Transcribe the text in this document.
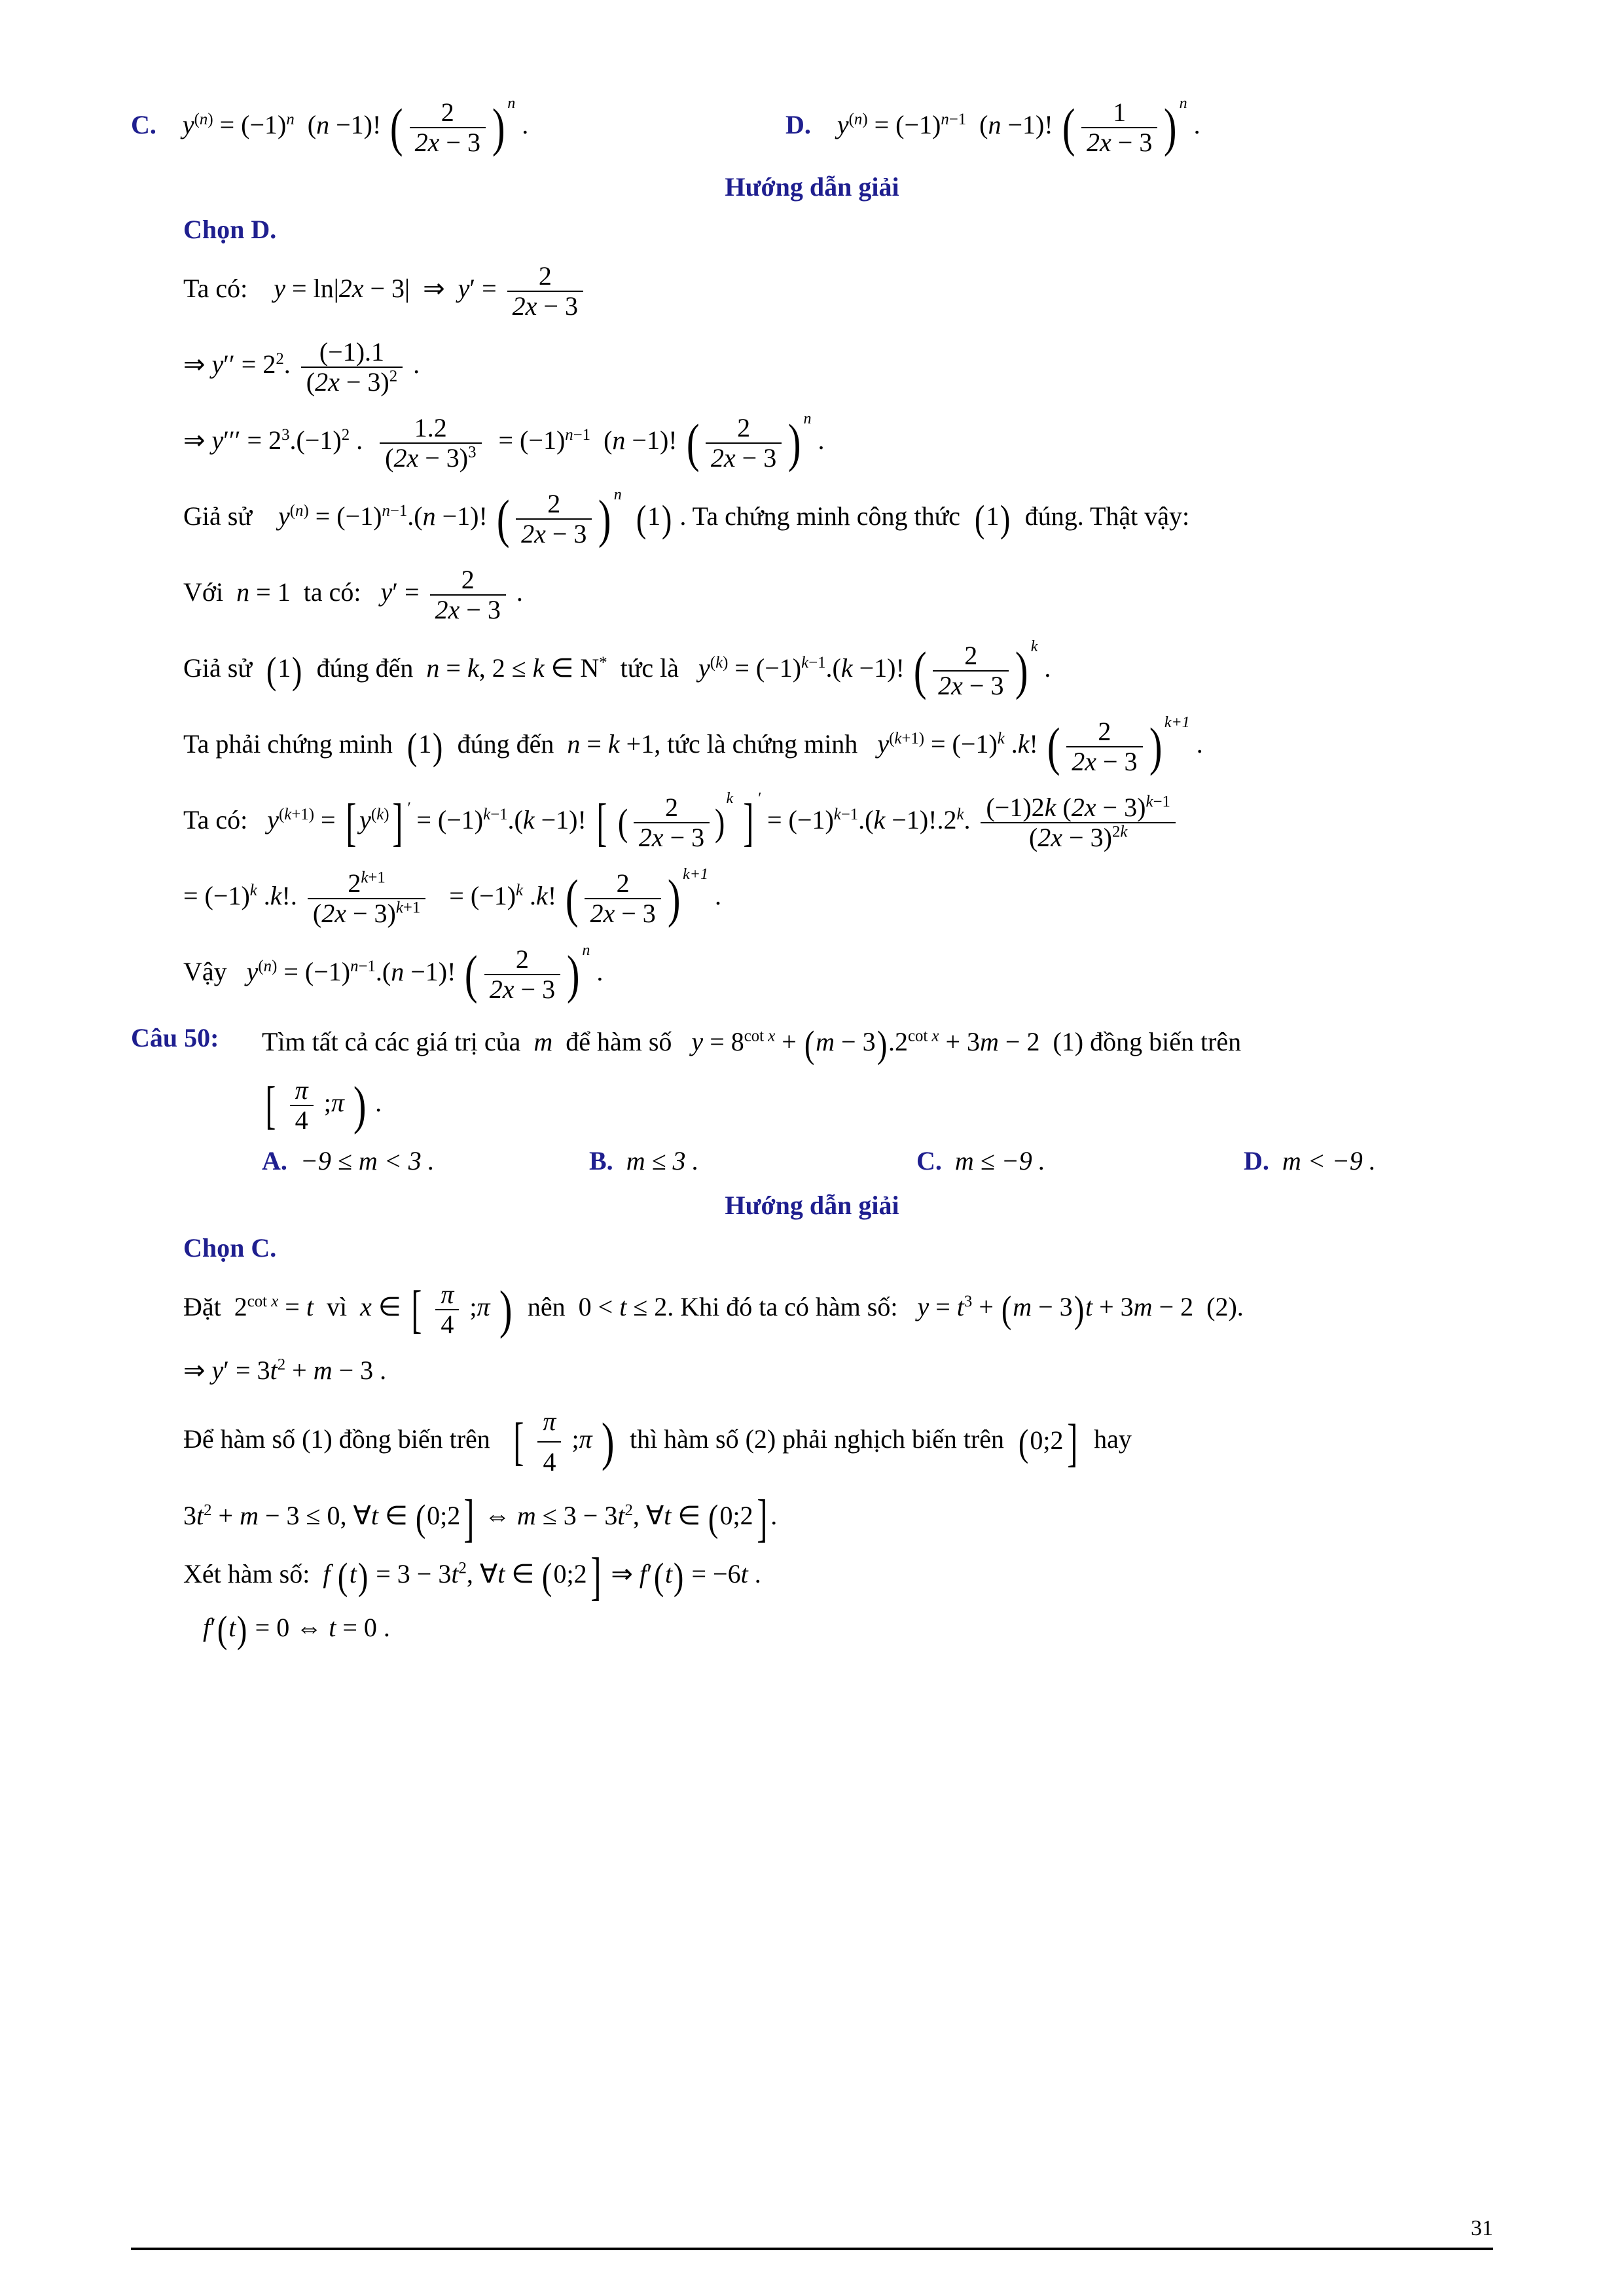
C. $y^{(n)} = (-1)^n$  (n −1)! ( $\frac{2}{2x - 3}$ ) n .	D. $y^{(n)} = (-1)^{n-1}$  (n −1)! ( $\frac{1}{2x - 3}$ ) n .
Hướng dẫn giải
Chọn D.
Ta có: y = ln|2x − 3|  ⇒  $y' = \frac{2}{2x - 3}$
⇒ $y'' = 2^2$. $\frac{(-1).1}{(2x - 3)^2}$ .
⇒ $y''' = 2^3.(-1)^2$ . $\frac{1.2}{(2x - 3)^3} = (-1)^{n-1}$  (n −1)! ( $\frac{2}{2x - 3}$ ) n .
Giả sử $y^{(n)} = (-1)^{n-1}.(n -1)$! ( $\frac{2}{2x - 3}$ ) n  (1) . Ta chứng minh công thức (1) đúng. Thật vậy:
Với n = 1 ta có: $y' = \frac{2}{2x - 3}$ .
Giả sử (1) đúng đến n = k, 2 ≤ k ∈ N* tức là $y^{(k)} = (-1)^{k-1}.(k -1)$! ( $\frac{2}{2x - 3}$ ) k .
Ta phải chứng minh (1) đúng đến n = k +1, tức là chứng minh $y^{(k+1)} = (-1)^k$ .k! ( $\frac{2}{2x - 3}$ ) k+1 .
Ta có: $y^{(k+1)}$ = [ $y^{(k)}$] ′ = $(-1)^{k-1}.(k -1)$! [ ( $\frac{2}{2x - 3} )k$ ] ′ = $(-1)^{k-1}.(k -1)!.2^k$. $\frac{(-1)2k (2x - 3)^{k-1}}{(2x - 3)^{2k}}$
= $(-1)^k$ .k!. $\frac{2^{k+1}}{(2x - 3)^{k+1}} = (-1)^k$ .k! ( $\frac{2}{2x - 3}$ ) k+1 .
Vậy $y^{(n)} = (-1)^{n-1}.(n -1)$! ( $\frac{2}{2x - 3}$ ) n .
Câu 50:	Tìm tất cả các giá trị của m để hàm số $y = 8^{cot x} + (m - 3).2^{cot x} + 3m - 2$ (1) đồng biến trên
[ $\frac{\pi}{4}$ ;π ) .
A. −9 ≤ m < 3 .	B. m ≤ 3 .	C. m ≤ −9 .	D. m < −9 .
Hướng dẫn giải
Chọn C.
Đặt $2^{cot x} = t$ vì x ∈ [ $\frac{\pi}{4}$ ;π ) nên 0 < t ≤ 2. Khi đó ta có hàm số: $y = t^3 + (m - 3)t + 3m - 2$ (2).
⇒ $y' = 3t^2 + m - 3$ .
Để hàm số (1) đồng biến trên [ $\frac{\pi}{4}$ ;π ) thì hàm số (2) phải nghịch biến trên (0;2] hay
$3t^2 + m - 3 \le 0$, ∀t ∈ (0;2] ⇔ $m \le 3 - 3t^2$, ∀t ∈ (0;2] .
Xét hàm số: f $(t) = 3 - 3t^2$, ∀t ∈ (0;2] ⇒ f′(t) = −6t .
f′(t) = 0 ⇔ t = 0 .
31
